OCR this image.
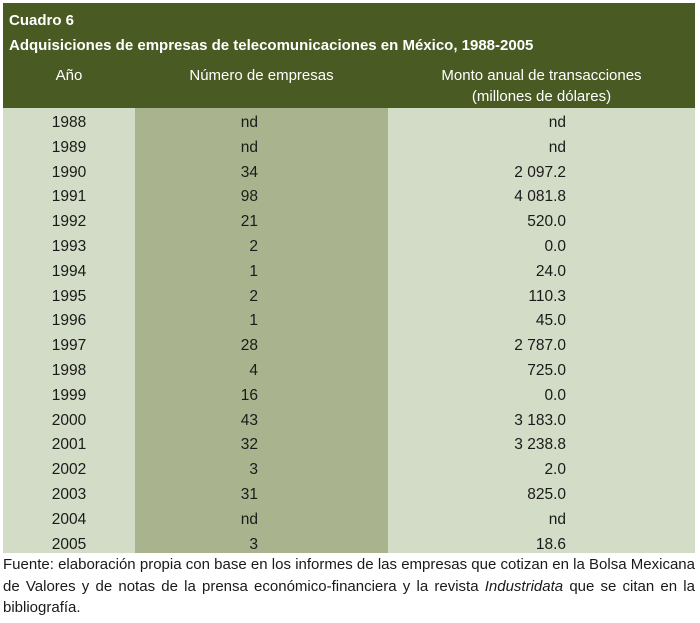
Cuadro 6
Adquisiciones de empresas de telecomunicaciones en México, 1988-2005
Año	Número de empresas	Monto anual de transacciones
(millones de dólares)
1988	nd	nd
1989	nd	nd
1990	34	2 097.2
1991	98	4 081.8
1992	21	520.0
1993	2	0.0
1994	1	24.0
1995	2	110.3
1996	1	45.0
1997	28	2 787.0
1998	4	725.0
1999	16	0.0
2000	43	3 183.0
2001	32	3 238.8
2002	3	2.0
2003	31	825.0
2004	nd	nd
2005	3	18.6
Fuente: elaboración propia con base en los informes de las empresas que cotizan en la Bolsa Mexicana de Valores y de notas de la prensa económico-financiera y la revista Industridata que se citan en la bibliografía.
